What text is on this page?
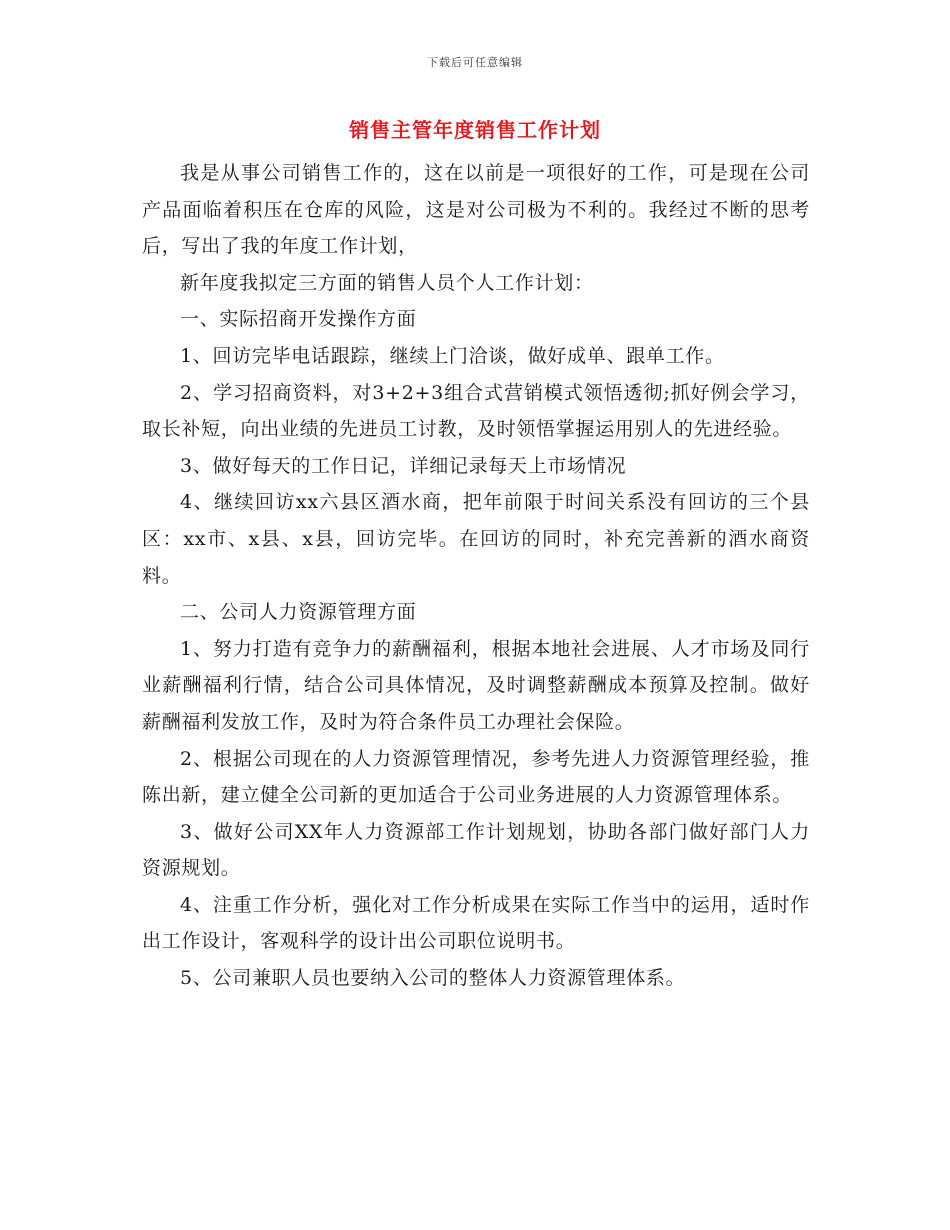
下载后可任意编辑
销售主管年度销售工作计划

我是从事公司销售工作的，这在以前是一项很好的工作，可是现在公司产品面临着积压在仓库的风险，这是对公司极为不利的。我经过不断的思考后，写出了我的年度工作计划，

新年度我拟定三方面的销售人员个人工作计划：

一、实际招商开发操作方面

1、回访完毕电话跟踪，继续上门洽谈，做好成单、跟单工作。

2、学习招商资料，对3+2+3组合式营销模式领悟透彻;抓好例会学习，取长补短，向出业绩的先进员工讨教，及时领悟掌握运用别人的先进经验。

3、做好每天的工作日记，详细记录每天上市场情况

4、继续回访xx六县区酒水商，把年前限于时间关系没有回访的三个县区：xx市、x县、x县，回访完毕。在回访的同时，补充完善新的酒水商资料。

二、公司人力资源管理方面

1、努力打造有竞争力的薪酬福利，根据本地社会进展、人才市场及同行业薪酬福利行情，结合公司具体情况，及时调整薪酬成本预算及控制。做好薪酬福利发放工作，及时为符合条件员工办理社会保险。

2、根据公司现在的人力资源管理情况，参考先进人力资源管理经验，推陈出新，建立健全公司新的更加适合于公司业务进展的人力资源管理体系。

3、做好公司XX年人力资源部工作计划规划，协助各部门做好部门人力资源规划。

4、注重工作分析，强化对工作分析成果在实际工作当中的运用，适时作出工作设计，客观科学的设计出公司职位说明书。

5、公司兼职人员也要纳入公司的整体人力资源管理体系。
